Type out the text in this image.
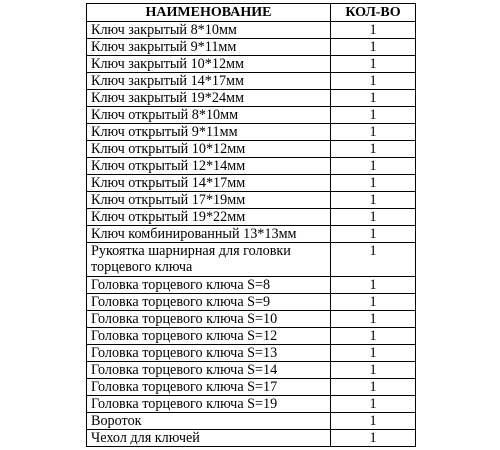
НАИМЕНОВАНИЕ	КОЛ-ВО
Ключ закрытый 8*10мм	1
Ключ закрытый 9*11мм	1
Ключ закрытый 10*12мм	1
Ключ закрытый 14*17мм	1
Ключ закрытый 19*24мм	1
Ключ открытый 8*10мм	1
Ключ открытый 9*11мм	1
Ключ открытый 10*12мм	1
Ключ открытый 12*14мм	1
Ключ открытый 14*17мм	1
Ключ открытый 17*19мм	1
Ключ открытый 19*22мм	1
Ключ комбинированный 13*13мм	1
Рукоятка шарнирная для головки торцевого ключа	1
Головка торцевого ключа S=8	1
Головка торцевого ключа S=9	1
Головка торцевого ключа S=10	1
Головка торцевого ключа S=12	1
Головка торцевого ключа S=13	1
Головка торцевого ключа S=14	1
Головка торцевого ключа S=17	1
Головка торцевого ключа S=19	1
Вороток	1
Чехол для ключей	1
